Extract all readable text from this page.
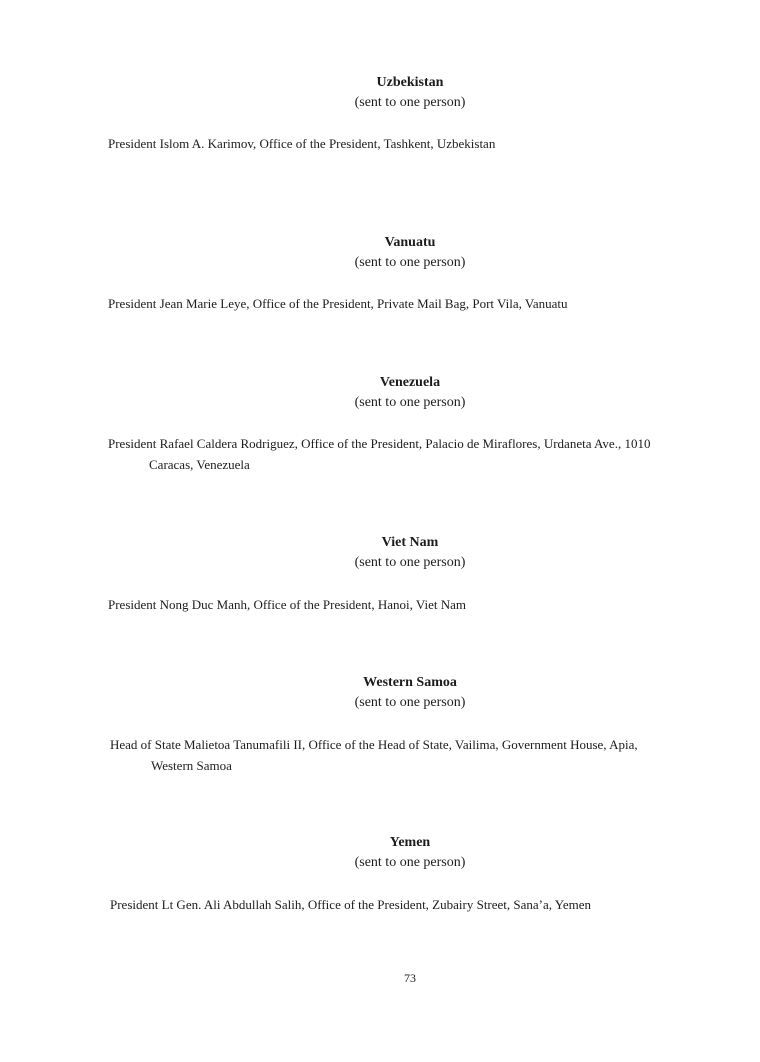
Uzbekistan
(sent to one person)
President Islom A. Karimov, Office of the President, Tashkent, Uzbekistan
Vanuatu
(sent to one person)
President Jean Marie Leye, Office of the President, Private Mail Bag, Port Vila, Vanuatu
Venezuela
(sent to one person)
President Rafael Caldera Rodriguez, Office of the President, Palacio de Miraflores, Urdaneta Ave., 1010
Caracas, Venezuela
Viet Nam
(sent to one person)
President Nong Duc Manh, Office of the President, Hanoi, Viet Nam
Western Samoa
(sent to one person)
Head of State Malietoa Tanumafili II, Office of the Head of State, Vailima, Government House, Apia,
Western Samoa
Yemen
(sent to one person)
President Lt Gen. Ali Abdullah Salih, Office of the President, Zubairy Street, Sana’a, Yemen
73
